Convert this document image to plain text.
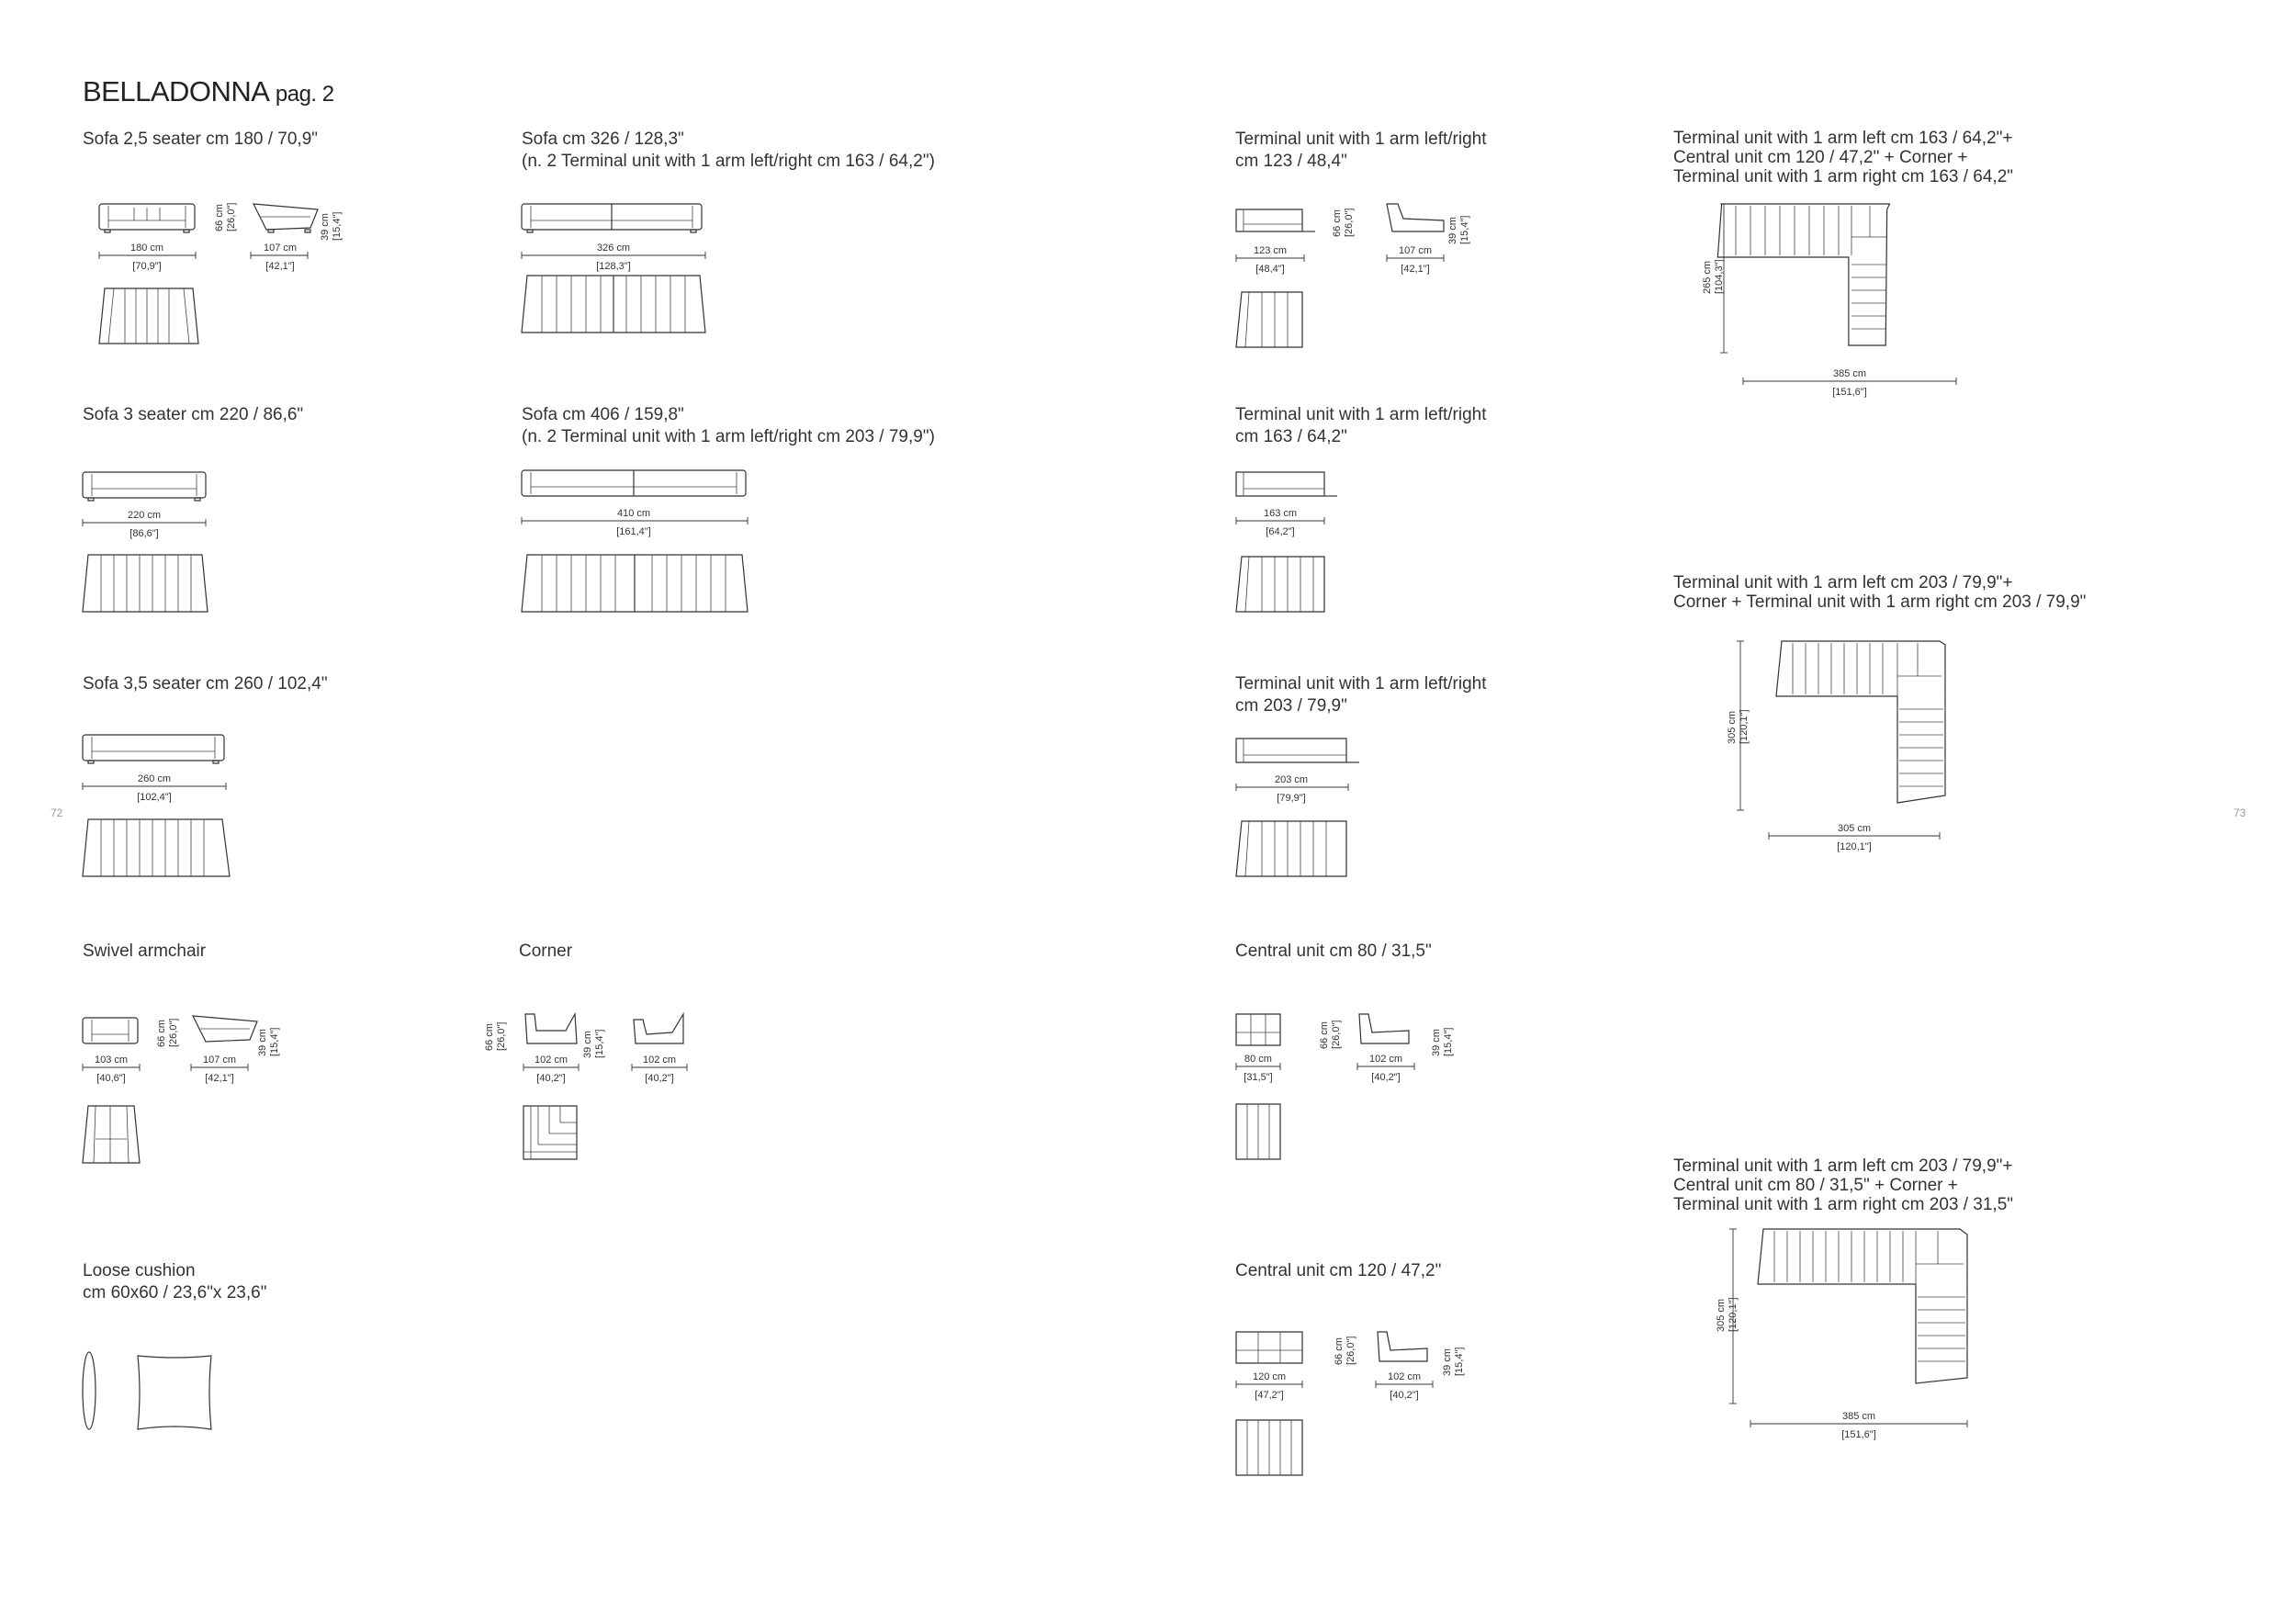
BELLADONNA pag. 2
72	73
Sofa 2,5 seater cm 180 / 70,9"	Sofa cm 326 / 128,3"
(n. 2 Terminal unit with 1 arm left/right cm 163 / 64,2")
Terminal unit with 1 arm left/right
cm 123 / 48,4"
Terminal unit with 1 arm left cm 163 / 64,2"+
Central unit cm 120 / 47,2" + Corner +
Terminal unit with 1 arm right cm 163 / 64,2"
Sofa 3 seater cm 220 / 86,6"	Sofa cm 406 / 159,8"
(n. 2 Terminal unit with 1 arm left/right cm 203 / 79,9")
Terminal unit with 1 arm left/right
cm 163 / 64,2"
Terminal unit with 1 arm left cm 203 / 79,9"+
Corner + Terminal unit with 1 arm right cm 203 / 79,9"
Sofa 3,5 seater cm 260 / 102,4"	Terminal unit with 1 arm left/right
cm 203 / 79,9"
Swivel armchair	Corner	Central unit cm 80 / 31,5"
Terminal unit with 1 arm left cm 203 / 79,9"+
Central unit cm 80 / 31,5" + Corner +
Terminal unit with 1 arm right cm 203 / 31,5"
Loose cushion
cm 60x60 / 23,6"x 23,6"
Central unit cm 120 / 47,2"
180 cm
[70,9"]
66 cm [26,0"]	39 cm [15,4"]
107 cm
[42,1"]
326 cm
[128,3"]
123 cm
[48,4"]
66 cm [26,0"]	39 cm [15,4"]
107 cm
[42,1"]	265 cm [104,3"]
385 cm
[151,6"]
220 cm
[86,6"]
410 cm
[161,4"]
163 cm
[64,2"]
305 cm [120,1"]
305 cm
[120,1"]
260 cm
[102,4"]
203 cm
[79,9"]
103 cm
[40,6"]
66 cm [26,0"]	39 cm [15,4"]
107 cm
[42,1"]
66 cm [26,0"]	39 cm [15,4"]
102 cm
[40,2"]
102 cm
[40,2"]
80 cm
[31,5"]
66 cm [26,0"]	39 cm [15,4"]
102 cm
[40,2"]
305 cm [120,1"]
385 cm
[151,6"]
120 cm
[47,2"]
66 cm [26,0"]	39 cm [15,4"]
102 cm
[40,2"]
